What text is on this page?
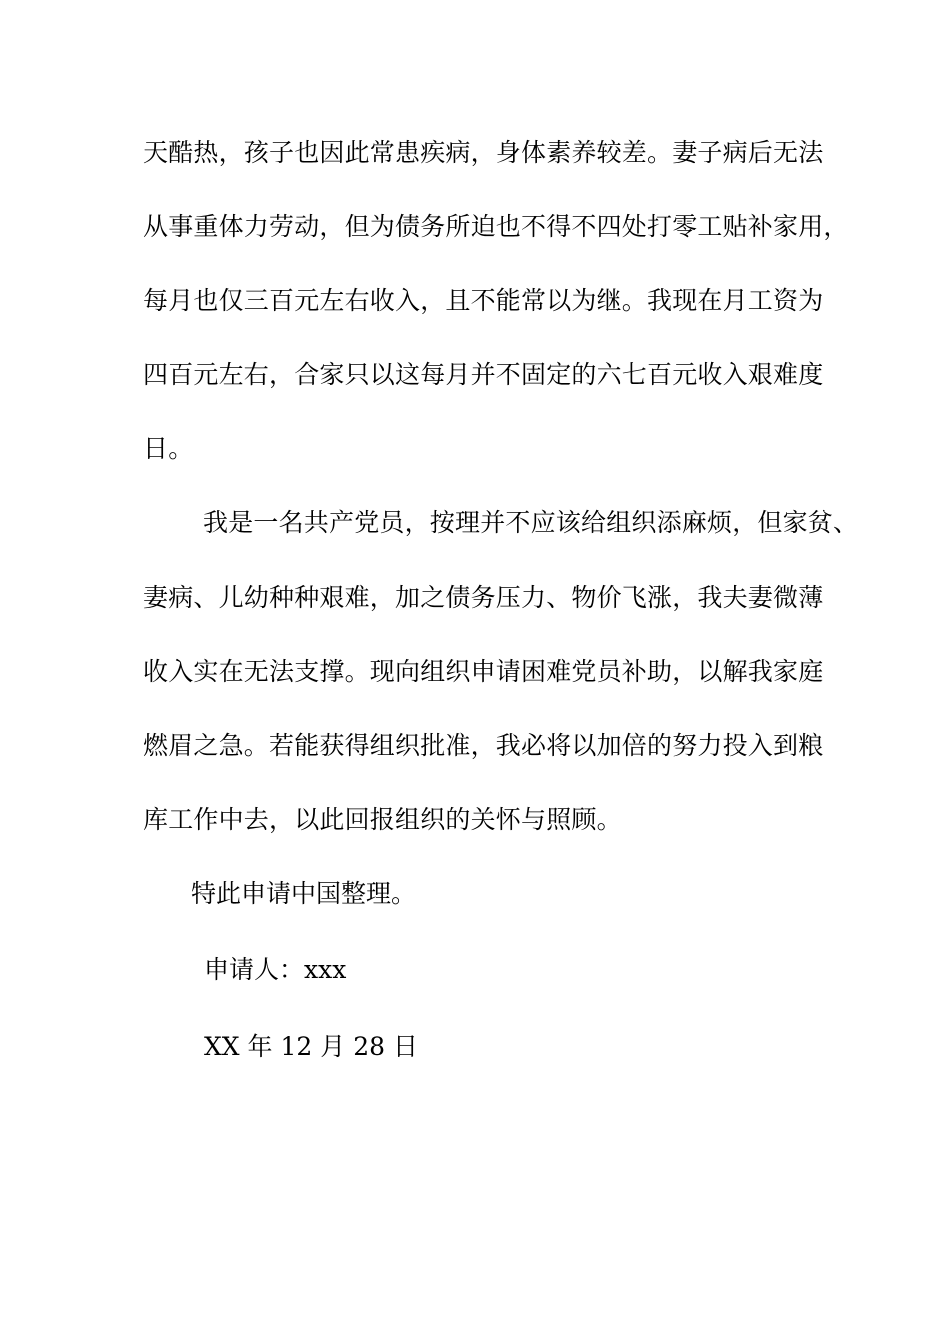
天酷热，孩子也因此常患疾病，身体素养较差。妻子病后无法
从事重体力劳动，但为债务所迫也不得不四处打零工贴补家用，
每月也仅三百元左右收入，且不能常以为继。我现在月工资为
四百元左右，合家只以这每月并不固定的六七百元收入艰难度
日。
我是一名共产党员，按理并不应该给组织添麻烦，但家贫、
妻病、儿幼种种艰难，加之债务压力、物价飞涨，我夫妻微薄
收入实在无法支撑。现向组织申请困难党员补助，以解我家庭
燃眉之急。若能获得组织批准，我必将以加倍的努力投入到粮
库工作中去，以此回报组织的关怀与照顾。
特此申请中国整理。
申请人：xxx
XX 年 12 月 28 日
